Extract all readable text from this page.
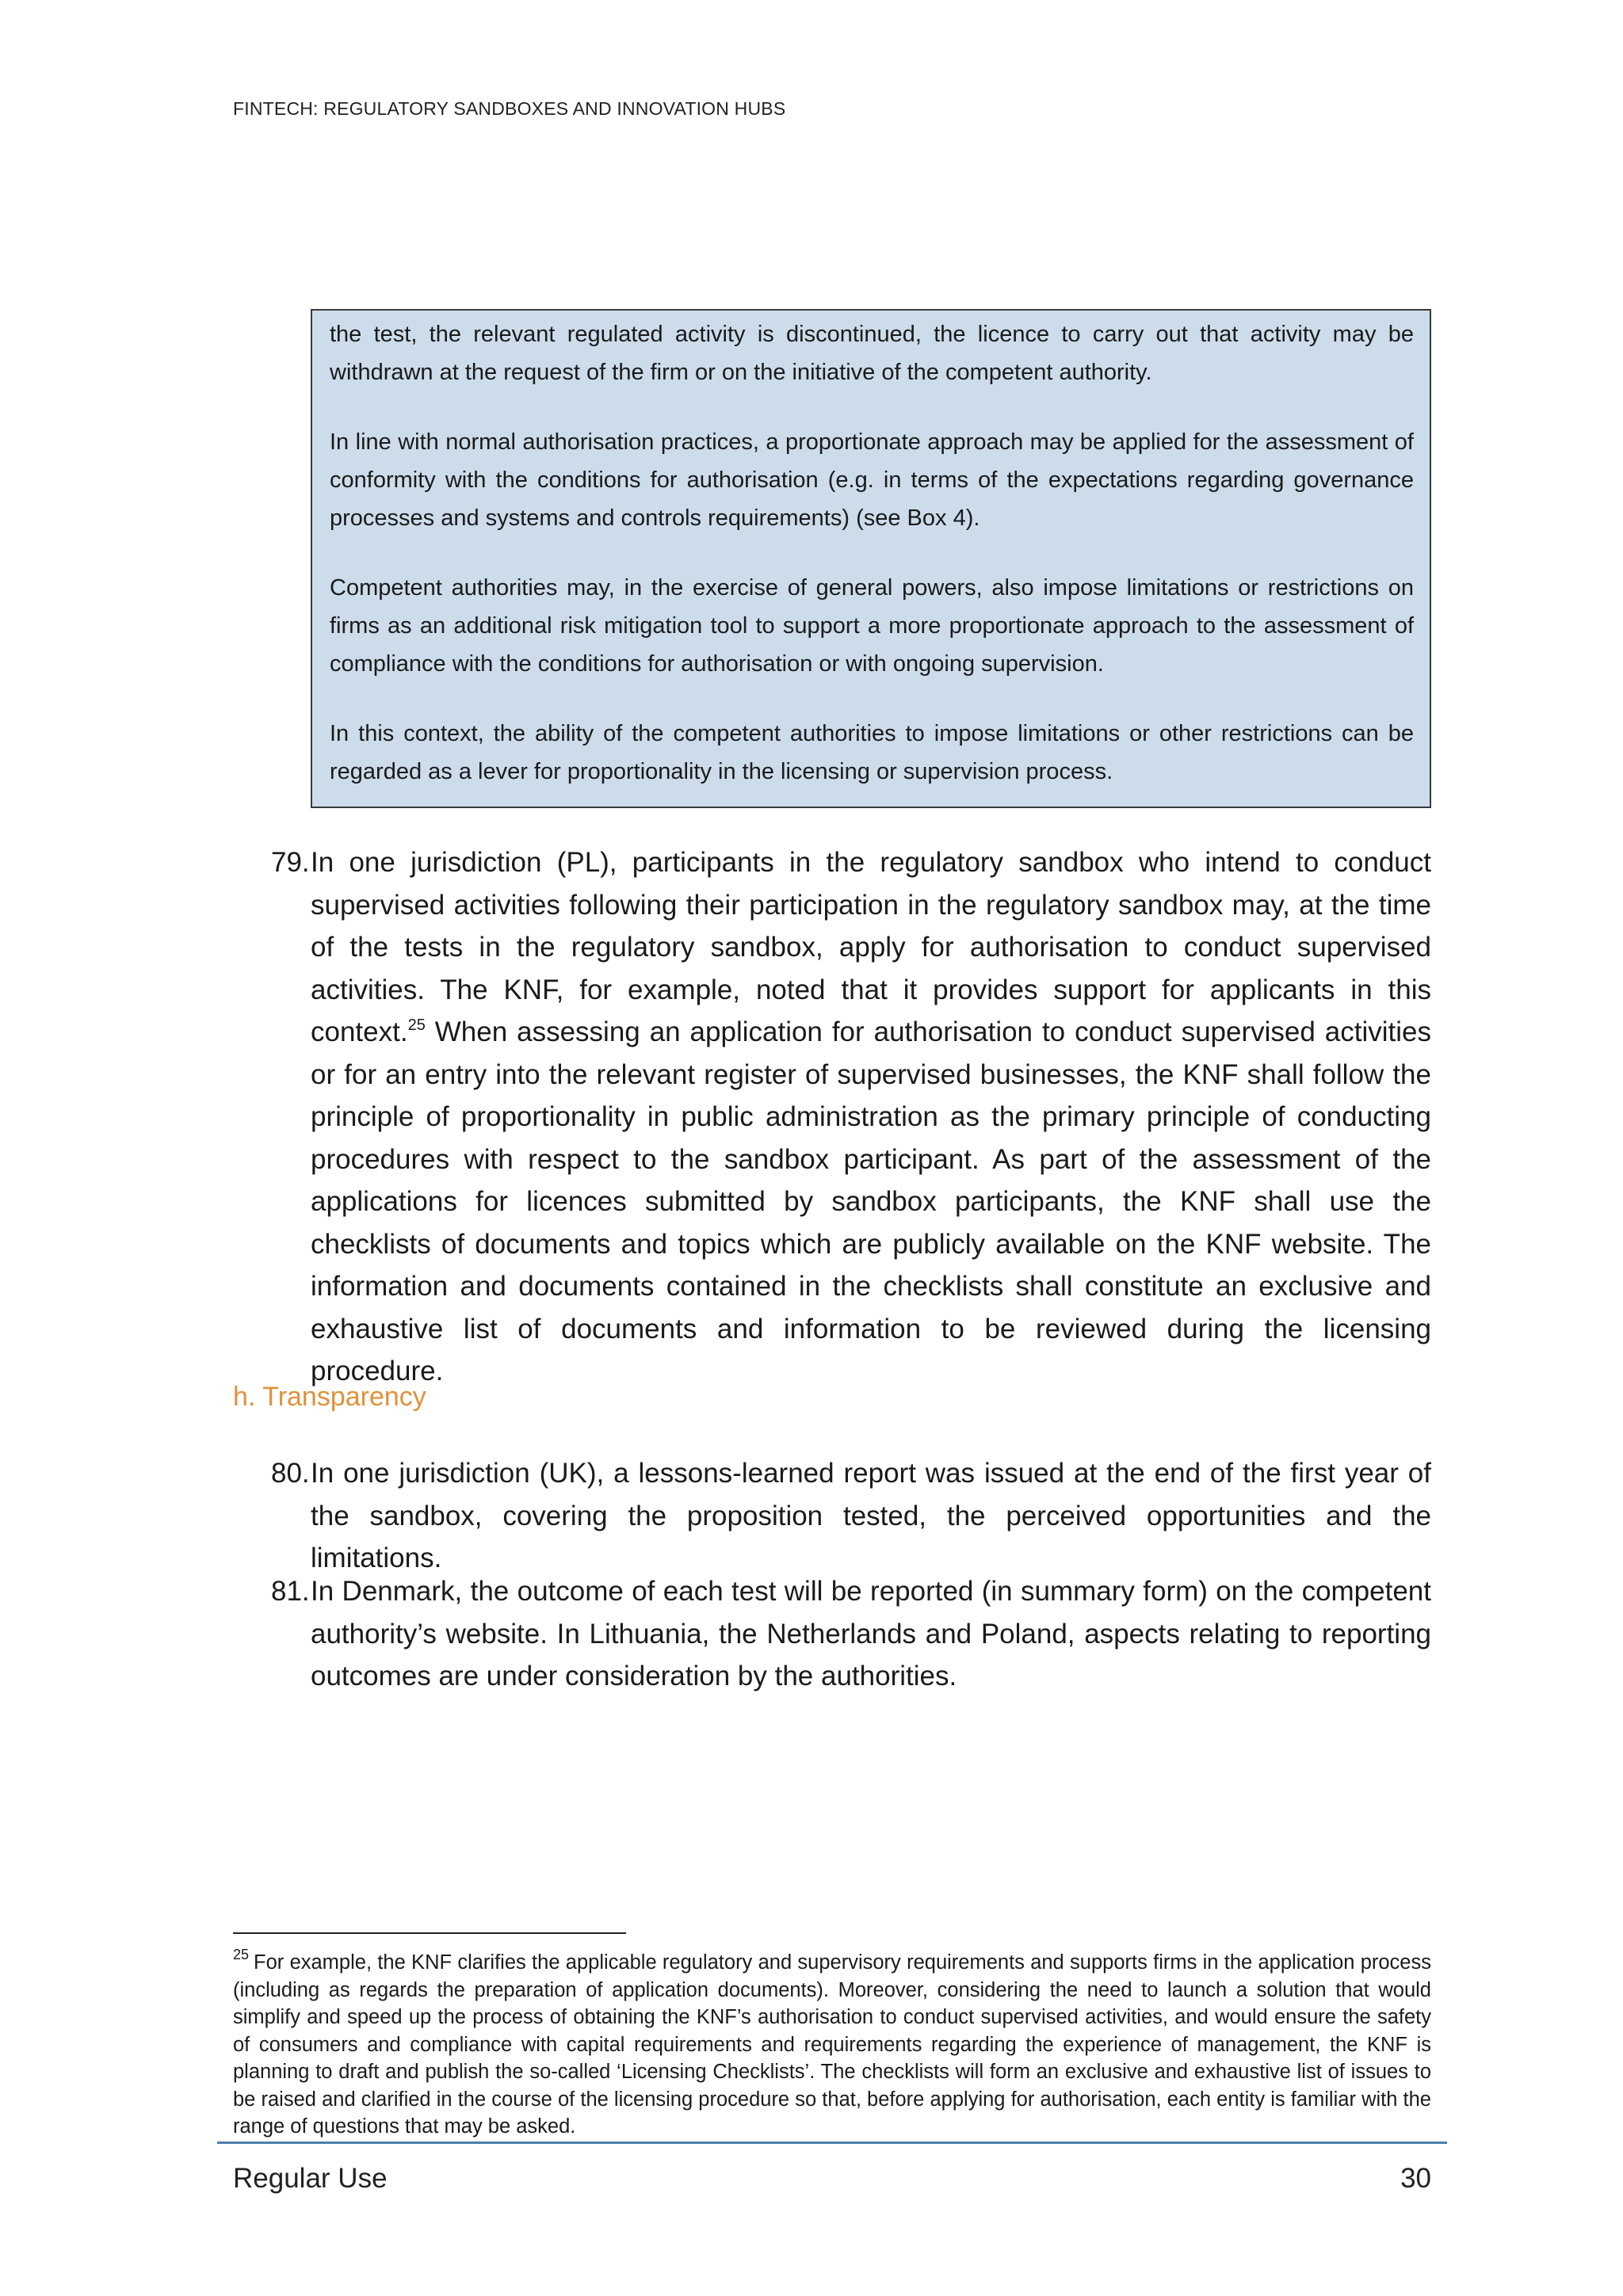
FINTECH: REGULATORY SANDBOXES AND INNOVATION HUBS

the test, the relevant regulated activity is discontinued, the licence to carry out that activity may be withdrawn at the request of the firm or on the initiative of the competent authority.

In line with normal authorisation practices, a proportionate approach may be applied for the assessment of conformity with the conditions for authorisation (e.g. in terms of the expectations regarding governance processes and systems and controls requirements) (see Box 4).

Competent authorities may, in the exercise of general powers, also impose limitations or restrictions on firms as an additional risk mitigation tool to support a more proportionate approach to the assessment of compliance with the conditions for authorisation or with ongoing supervision.

In this context, the ability of the competent authorities to impose limitations or other restrictions can be regarded as a lever for proportionality in the licensing or supervision process.

79. In one jurisdiction (PL), participants in the regulatory sandbox who intend to conduct supervised activities following their participation in the regulatory sandbox may, at the time of the tests in the regulatory sandbox, apply for authorisation to conduct supervised activities. The KNF, for example, noted that it provides support for applicants in this context.$^{25}$ When assessing an application for authorisation to conduct supervised activities or for an entry into the relevant register of supervised businesses, the KNF shall follow the principle of proportionality in public administration as the primary principle of conducting procedures with respect to the sandbox participant. As part of the assessment of the applications for licences submitted by sandbox participants, the KNF shall use the checklists of documents and topics which are publicly available on the KNF website. The information and documents contained in the checklists shall constitute an exclusive and exhaustive list of documents and information to be reviewed during the licensing procedure.
h. Transparency
80. In one jurisdiction (UK), a lessons-learned report was issued at the end of the first year of the sandbox, covering the proposition tested, the perceived opportunities and the limitations.
81. In Denmark, the outcome of each test will be reported (in summary form) on the competent authority’s website. In Lithuania, the Netherlands and Poland, aspects relating to reporting outcomes are under consideration by the authorities.
$^{25}$ For example, the KNF clarifies the applicable regulatory and supervisory requirements and supports firms in the application process (including as regards the preparation of application documents). Moreover, considering the need to launch a solution that would simplify and speed up the process of obtaining the KNF’s authorisation to conduct supervised activities, and would ensure the safety of consumers and compliance with capital requirements and requirements regarding the experience of management, the KNF is planning to draft and publish the so-called ‘Licensing Checklists’. The checklists will form an exclusive and exhaustive list of issues to be raised and clarified in the course of the licensing procedure so that, before applying for authorisation, each entity is familiar with the range of questions that may be asked.
Regular Use	30
